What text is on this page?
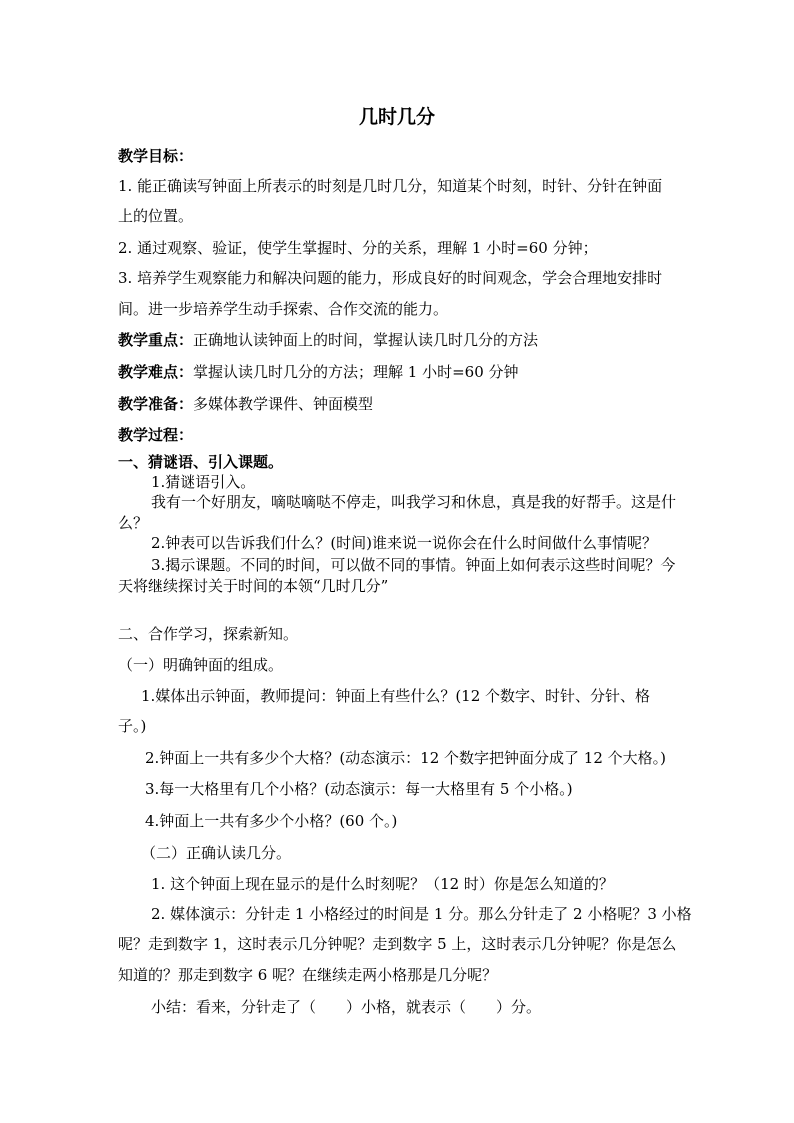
几时几分
教学目标：
1. 能正确读写钟面上所表示的时刻是几时几分，知道某个时刻，时针、分针在钟面
上的位置。
2. 通过观察、验证，使学生掌握时、分的关系，理解 1 小时=60 分钟；
3. 培养学生观察能力和解决问题的能力，形成良好的时间观念，学会合理地安排时
间。进一步培养学生动手探索、合作交流的能力。
教学重点：正确地认读钟面上的时间，掌握认读几时几分的方法
教学难点：掌握认读几时几分的方法；理解 1 小时=60 分钟
教学准备：多媒体教学课件、钟面模型
教学过程：
一、猜谜语、引入课题。
1.猜谜语引入。
我有一个好朋友，嘀哒嘀哒不停走，叫我学习和休息，真是我的好帮手。这是什
么？
2.钟表可以告诉我们什么？(时间)谁来说一说你会在什么时间做什么事情呢？
3.揭示课题。不同的时间，可以做不同的事情。钟面上如何表示这些时间呢？今
天将继续探讨关于时间的本领“几时几分”
二、合作学习，探索新知。
（一）明确钟面的组成。
1.媒体出示钟面，教师提问：钟面上有些什么？(12 个数字、时针、分针、格
子。)
2.钟面上一共有多少个大格？(动态演示：12 个数字把钟面分成了 12 个大格。)
3.每一大格里有几个小格？(动态演示：每一大格里有 5 个小格。)
4.钟面上一共有多少个小格？(60 个。)
（二）正确认读几分。
1. 这个钟面上现在显示的是什么时刻呢？（12 时）你是怎么知道的？
2. 媒体演示：分针走 1 小格经过的时间是 1 分。那么分针走了 2 小格呢？3 小格
呢？走到数字 1，这时表示几分钟呢？走到数字 5 上，这时表示几分钟呢？你是怎么
知道的？那走到数字 6 呢？在继续走两小格那是几分呢？
小结：看来，分针走了（　　）小格，就表示（　　）分。
